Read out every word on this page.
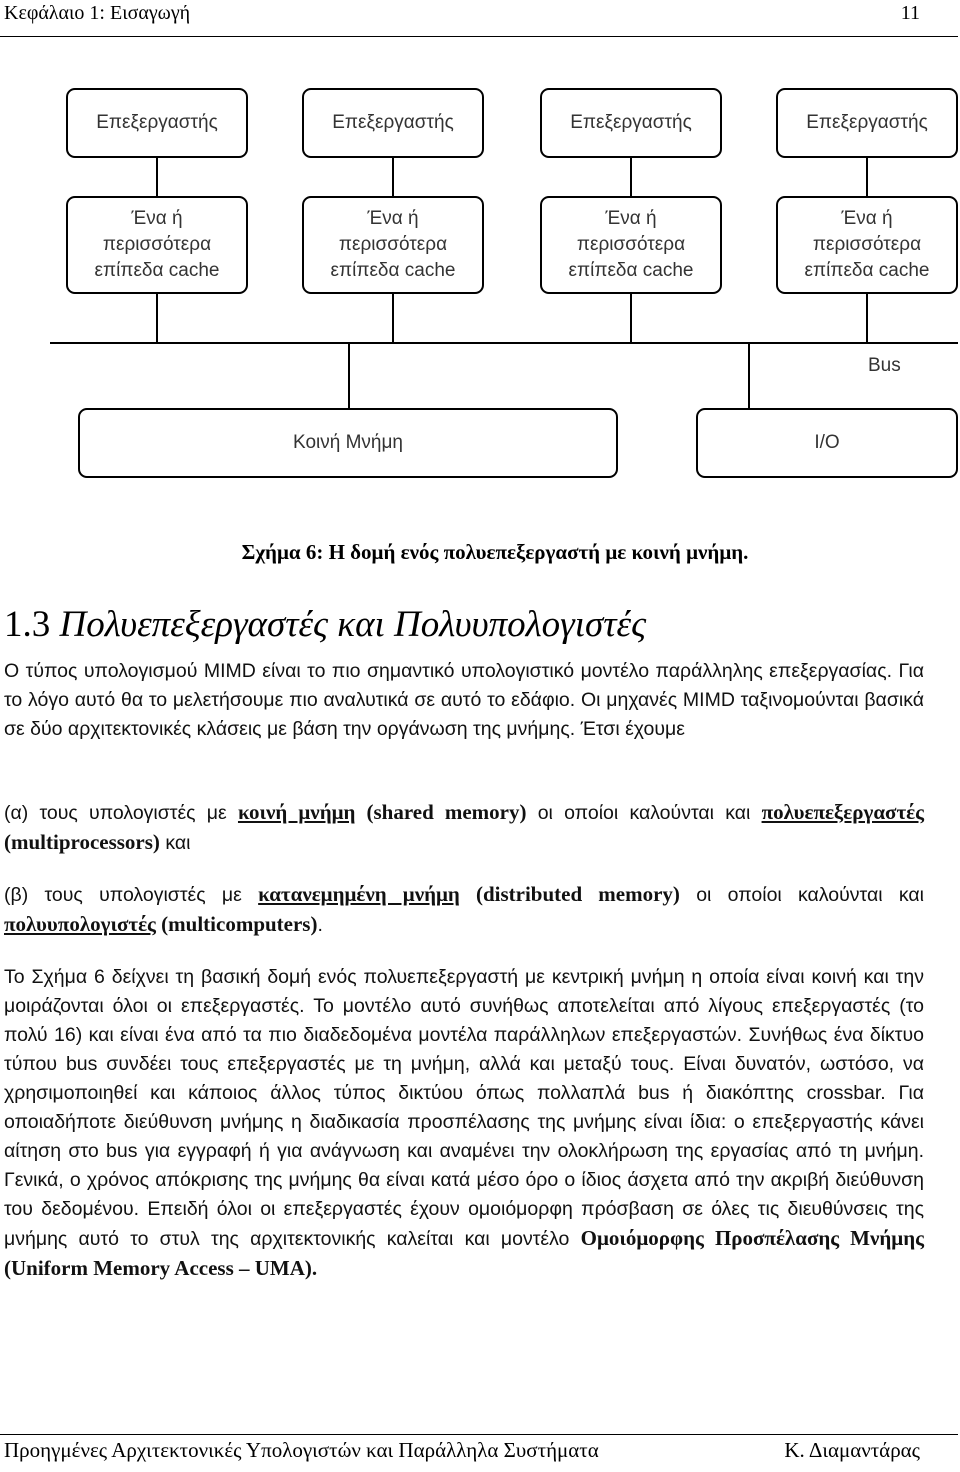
Κεφάλαιο 1: Εισαγωγή	11
Επεξεργαστής	Επεξεργαστής	Επεξεργαστής	Επεξεργαστής
Ένα ή
περισσότερα
επίπεδα cache
Ένα ή
περισσότερα
επίπεδα cache
Ένα ή
περισσότερα
επίπεδα cache
Ένα ή
περισσότερα
επίπεδα cache
Bus
Κοινή Μνήμη	I/O
Σχήμα 6: Η δομή ενός πολυεπεξεργαστή με κοινή μνήμη.
1.3 Πολυεπεξεργαστές και Πολυυπολογιστές

Ο τύπος υπολογισμού MIMD είναι το πιο σημαντικό υπολογιστικό μοντέλο παράλληλης επεξεργασίας. Για το λόγο αυτό θα το μελετήσουμε πιο αναλυτικά σε αυτό το εδάφιο. Οι μηχανές MIMD ταξινομούνται βασικά σε δύο αρχιτεκτονικές κλάσεις με βάση την οργάνωση της μνήμης. Έτσι έχουμε

(α) τους υπολογιστές με κοινή μνήμη (shared memory) οι οποίοι καλούνται και πολυεπεξεργαστές (multiprocessors) και

(β) τους υπολογιστές με κατανεμημένη μνήμη (distributed memory) οι οποίοι καλούνται και πολυυπολογιστές (multicomputers).

Το Σχήμα 6 δείχνει τη βασική δομή ενός πολυεπεξεργαστή με κεντρική μνήμη η οποία είναι κοινή και την μοιράζονται όλοι οι επεξεργαστές. Το μοντέλο αυτό συνήθως αποτελείται από λίγους επεξεργαστές (το πολύ 16) και είναι ένα από τα πιο διαδεδομένα μοντέλα παράλληλων επεξεργαστών. Συνήθως ένα δίκτυο τύπου bus συνδέει τους επεξεργαστές με τη μνήμη, αλλά και μεταξύ τους. Είναι δυνατόν, ωστόσο, να χρησιμοποιηθεί και κάποιος άλλος τύπος δικτύου όπως πολλαπλά bus ή διακόπτης crossbar. Για οποιαδήποτε διεύθυνση μνήμης η διαδικασία προσπέλασης της μνήμης είναι ίδια: ο επεξεργαστής κάνει αίτηση στο bus για εγγραφή ή για ανάγνωση και αναμένει την ολοκλήρωση της εργασίας από τη μνήμη. Γενικά, ο χρόνος απόκρισης της μνήμης θα είναι κατά μέσο όρο ο ίδιος άσχετα από την ακριβή διεύθυνση του δεδομένου. Επειδή όλοι οι επεξεργαστές έχουν ομοιόμορφη πρόσβαση σε όλες τις διευθύνσεις της μνήμης αυτό το στυλ της αρχιτεκτονικής καλείται και μοντέλο Ομοιόμορφης Προσπέλασης Μνήμης (Uniform Memory Access – UMA).

Προηγμένες Αρχιτεκτονικές Υπολογιστών και Παράλληλα Συστήματα	Κ. Διαμαντάρας
